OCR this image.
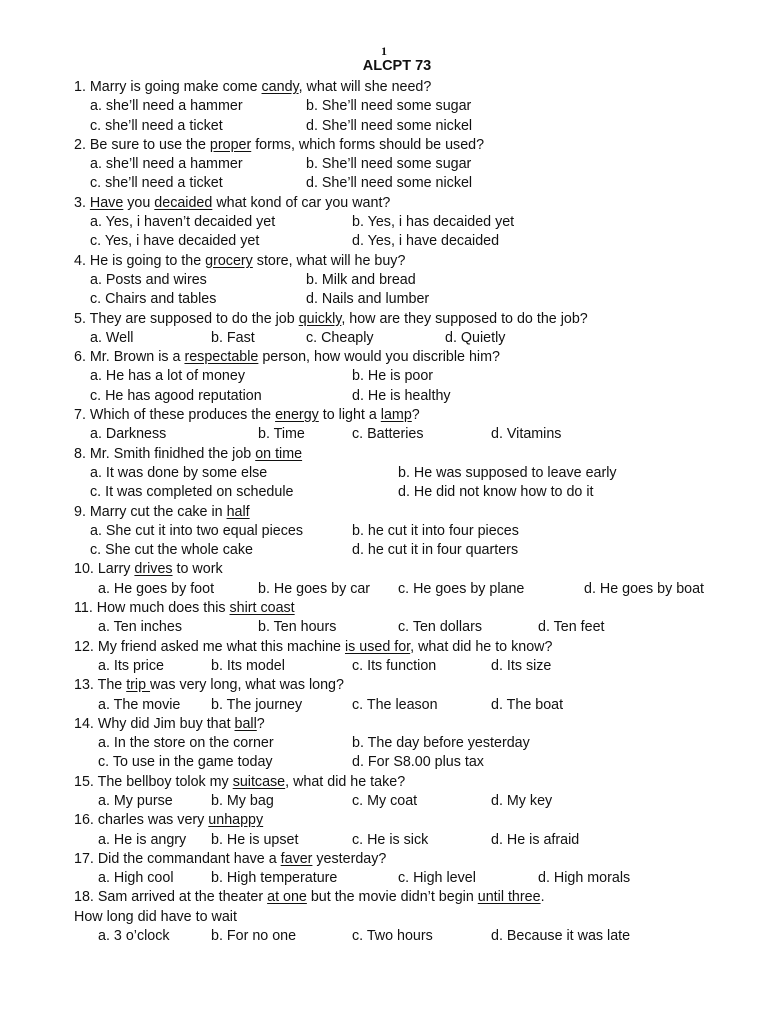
1
ALCPT 73
1. Marry is going make come candy, what will she need?
a. she’ll need a hammer	b. She’ll need some sugar
c. she’ll need a ticket	d. She’ll need some nickel
2. Be sure to use the proper forms, which forms should be used?
a. she’ll need a hammer	b. She’ll need some sugar
c. she’ll need a ticket	d. She’ll need some nickel
3. Have you decaided what kond of car you want?
a. Yes, i haven’t decaided yet	b. Yes, i has decaided yet
c. Yes, i have decaided yet	d. Yes, i have decaided
4. He is going to the grocery store, what will he buy?
a. Posts and wires	b. Milk and bread
c. Chairs and tables	d. Nails and lumber
5. They are supposed to do the job quickly, how are they supposed to do the job?
a. Well	b. Fast	c. Cheaply	d. Quietly
6. Mr. Brown is a respectable person, how would you discrible him?
a. He has a lot of money	b. He is poor
c. He has agood reputation	d. He is healthy
7. Which of these produces the energy to light a lamp?
a. Darkness	b. Time	c. Batteries	d. Vitamins
8. Mr. Smith finidhed the job on time
a. It was done by some else	b. He was supposed to leave early
c. It was completed on schedule	d. He did not know how to do it
9. Marry cut the cake in half
a. She cut it into two equal pieces	b. he cut it into four pieces
c. She cut the whole cake	d. he cut it in four quarters
10. Larry drives to work
a. He goes by foot	b. He goes by car c. He goes by plane	d. He goes by boat
11. How much does this shirt coast
a. Ten inches	b. Ten hours	c. Ten dollars	d. Ten feet
12. My friend asked me what this machine is used for, what did he to know?
a. Its price	b. Its model	c. Its function	d. Its size
13. The trip was very long, what was long?
a. The movie b. The journey	c. The leason	d. The boat
14. Why did Jim buy that ball?
a. In the store on the corner	b. The day before yesterday
c. To use in the game today	d. For S8.00 plus tax
15. The bellboy tolok my suitcase, what did he take?
a. My purse	b. My bag	c. My coat	d. My key
16. charles was very unhappy
a. He is angry b. He is upset	c. He is sick	d. He is afraid
17. Did the commandant have a faver yesterday?
a. High cool	b. High temperature	c. High level	d. High morals
18. Sam arrived at the theater at one but the movie didn’t begin until three.
How long did have to wait
a. 3 o’clock	b. For no one	c. Two hours	d. Because it was late
